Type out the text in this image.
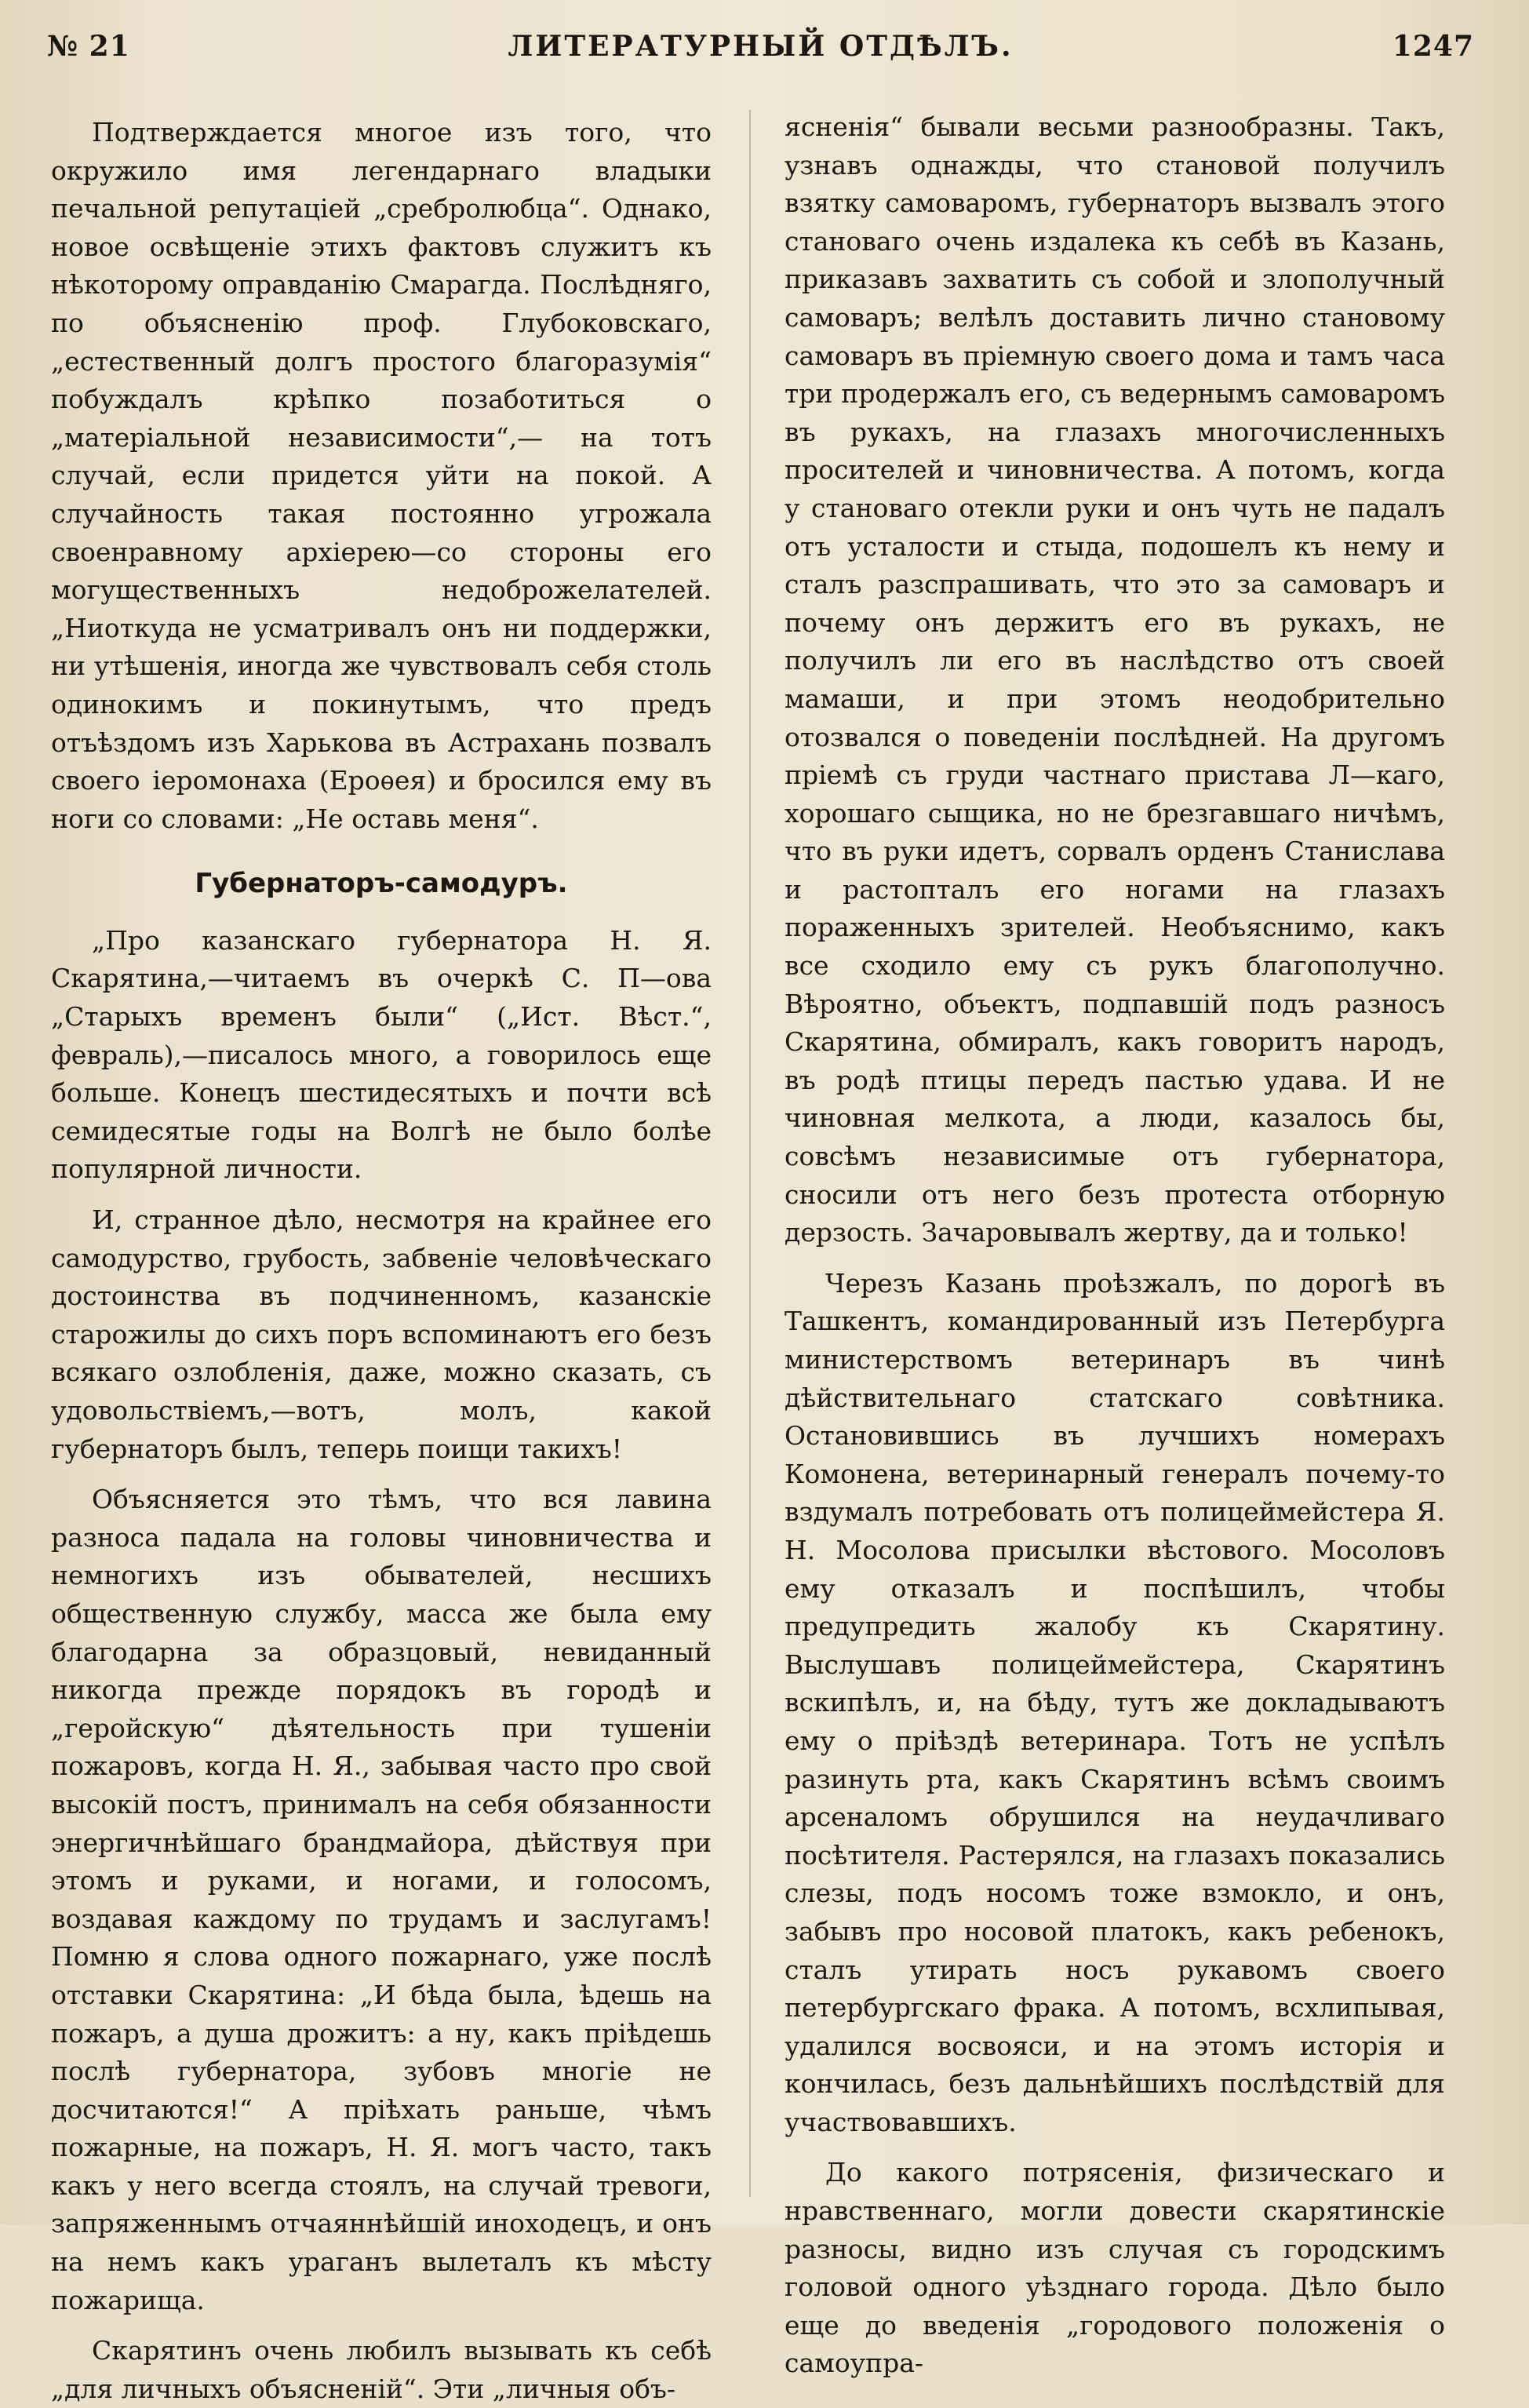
№ 21	ЛИТЕРАТУРНЫЙ ОТДѢЛЪ.	1247

Подтверждается многое изъ того, что окружило имя легендарнаго владыки печальной репутаціей „сребролюбца“. Однако, новое освѣщеніе этихъ фактовъ служитъ къ нѣкоторому оправданію Смарагда. Послѣдняго, по объясненію проф. Глубоковскаго, „естественный долгъ простого благоразумія“ побуждалъ крѣпко позаботиться о „матеріальной независимости“,— на тотъ случай, если придется уйти на покой. А случайность такая постоянно угрожала своенравному архіерею—со стороны его могущественныхъ недоброжелателей. „Ниоткуда не усматривалъ онъ ни поддержки, ни утѣшенія, иногда же чувствовалъ себя столь одинокимъ и покинутымъ, что предъ отъѣздомъ изъ Харькова въ Астрахань позвалъ своего іеромонаха (Ероѳея) и бросился ему въ ноги со словами: „Не оставь меня“.

Губернаторъ-самодуръ.

„Про казанскаго губернатора Н. Я. Скарятина,—читаемъ въ очеркѣ С. П—ова „Старыхъ временъ были“ („Ист. Вѣст.“, февраль),—писалось много, а говорилось еще больше. Конецъ шестидесятыхъ и почти всѣ семидесятые годы на Волгѣ не было болѣе популярной личности.

И, странное дѣло, несмотря на крайнее его самодурство, грубость, забвеніе человѣческаго достоинства въ подчиненномъ, казанскіе старожилы до сихъ поръ вспоминаютъ его безъ всякаго озлобленія, даже, можно сказать, съ удовольствіемъ,—вотъ, молъ, какой губернаторъ былъ, теперь поищи такихъ!

Объясняется это тѣмъ, что вся лавина разноса падала на головы чиновничества и немногихъ изъ обывателей, несшихъ общественную службу, масса же была ему благодарна за образцовый, невиданный никогда прежде порядокъ въ городѣ и „геройскую“ дѣятельность при тушеніи пожаровъ, когда Н. Я., забывая часто про свой высокій постъ, принималъ на себя обязанности энергичнѣйшаго брандмайора, дѣйствуя при этомъ и руками, и ногами, и голосомъ, воздавая каждому по трудамъ и заслугамъ! Помню я слова одного пожарнаго, уже послѣ отставки Скарятина: „И бѣда была, ѣдешь на пожаръ, а душа дрожитъ: а ну, какъ пріѣдешь послѣ губернатора, зубовъ многіе не досчитаются!“ А пріѣхать раньше, чѣмъ пожарные, на пожаръ, Н. Я. могъ часто, такъ какъ у него всегда стоялъ, на случай тревоги, запряженнымъ отчаяннѣйшій иноходецъ, и онъ на немъ какъ ураганъ вылеталъ къ мѣсту пожарища.

Скарятинъ очень любилъ вызывать къ себѣ „для личныхъ объясненій“. Эти „личныя объ-

ясненія“ бывали весьми разнообразны. Такъ, узнавъ однажды, что становой получилъ взятку самоваромъ, губернаторъ вызвалъ этого становаго очень издалека къ себѣ въ Казань, приказавъ захватить съ собой и злополучный самоваръ; велѣлъ доставить лично становому самоваръ въ пріемную своего дома и тамъ часа три продержалъ его, съ ведернымъ самоваромъ въ рукахъ, на глазахъ многочисленныхъ просителей и чиновничества. А потомъ, когда у становаго отекли руки и онъ чуть не падалъ отъ усталости и стыда, подошелъ къ нему и сталъ разспрашивать, что это за самоваръ и почему онъ держитъ его въ рукахъ, не получилъ ли его въ наслѣдство отъ своей мамаши, и при этомъ неодобрительно отозвался о поведеніи послѣдней. На другомъ пріемѣ съ груди частнаго пристава Л—каго, хорошаго сыщика, но не брезгавшаго ничѣмъ, что въ руки идетъ, сорвалъ орденъ Станислава и растопталъ его ногами на глазахъ пораженныхъ зрителей. Необъяснимо, какъ все сходило ему съ рукъ благополучно. Вѣроятно, объектъ, подпавшій подъ разносъ Скарятина, обмиралъ, какъ говоритъ народъ, въ родѣ птицы передъ пастью удава. И не чиновная мелкота, а люди, казалось бы, совсѣмъ независимые отъ губернатора, сносили отъ него безъ протеста отборную дерзость. Зачаровывалъ жертву, да и только!

Черезъ Казань проѣзжалъ, по дорогѣ въ Ташкентъ, командированный изъ Петербурга министерствомъ ветеринаръ въ чинѣ дѣйствительнаго статскаго совѣтника. Остановившись въ лучшихъ номерахъ Комонена, ветеринарный генералъ почему-то вздумалъ потребовать отъ полицеймейстера Я. Н. Мосолова присылки вѣстового. Мосоловъ ему отказалъ и поспѣшилъ, чтобы предупредить жалобу къ Скарятину. Выслушавъ полицеймейстера, Скарятинъ вскипѣлъ, и, на бѣду, тутъ же докладываютъ ему о пріѣздѣ ветеринара. Тотъ не успѣлъ разинуть рта, какъ Скарятинъ всѣмъ своимъ арсеналомъ обрушился на неудачливаго посѣтителя. Растерялся, на глазахъ показались слезы, подъ носомъ тоже взмокло, и онъ, забывъ про носовой платокъ, какъ ребенокъ, сталъ утирать носъ рукавомъ своего петербургскаго фрака. А потомъ, всхлипывая, удалился восвояси, и на этомъ исторія и кончилась, безъ дальнѣйшихъ послѣдствій для участвовавшихъ.

До какого потрясенія, физическаго и нравственнаго, могли довести скарятинскіе разносы, видно изъ случая съ городскимъ головой одного уѣзднаго города. Дѣло было еще до введенія „городового положенія о самоупра-
